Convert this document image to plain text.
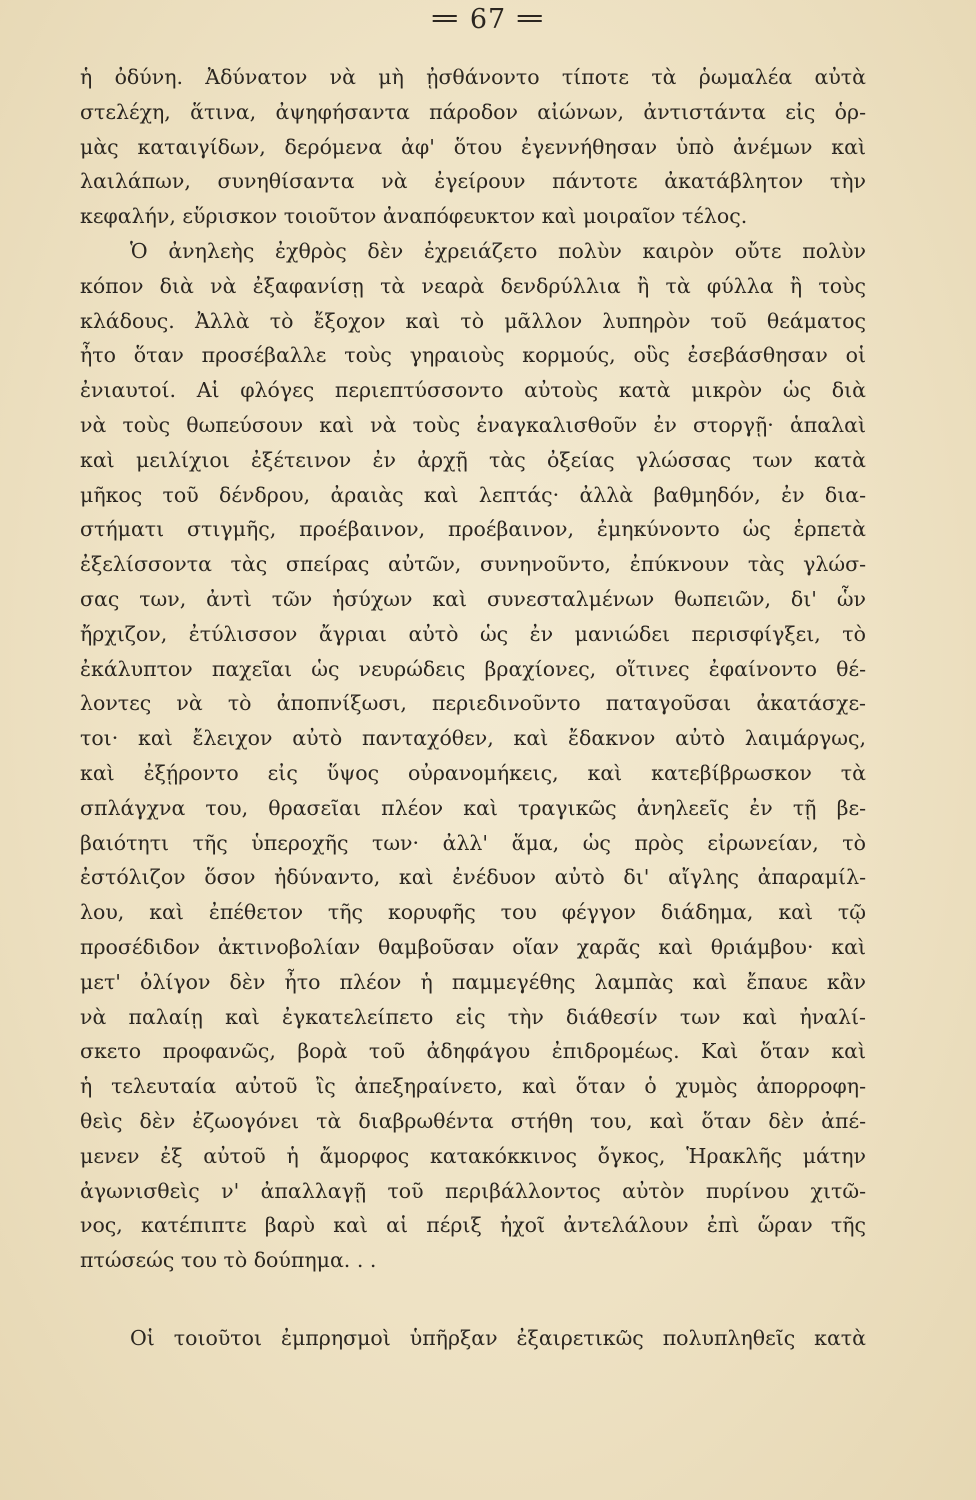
= 67 =
ἡ ὀδύνη. Ἀδύνατον νὰ μὴ ᾐσθάνοντο τίποτε τὰ ῥωμαλέα αὐτὰ
στελέχη, ἅτινα, ἀψηφήσαντα πάροδον αἰώνων, ἀντιστάντα εἰς ὁρ-
μὰς καταιγίδων, δερόμενα ἀφ' ὅτου ἐγεννήθησαν ὑπὸ ἀνέμων καὶ
λαιλάπων, συνηθίσαντα νὰ ἐγείρουν πάντοτε ἀκατάβλητον τὴν
κεφαλήν, εὕρισκον τοιοῦτον ἀναπόφευκτον καὶ μοιραῖον τέλος.
Ὁ ἀνηλεὴς ἐχθρὸς δὲν ἐχρειάζετο πολὺν καιρὸν οὔτε πολὺν
κόπον διὰ νὰ ἐξαφανίσῃ τὰ νεαρὰ δενδρύλλια ἢ τὰ φύλλα ἢ τοὺς
κλάδους. Ἀλλὰ τὸ ἔξοχον καὶ τὸ μᾶλλον λυπηρὸν τοῦ θεάματος
ἦτο ὅταν προσέβαλλε τοὺς γηραιοὺς κορμούς, οὓς ἐσεβάσθησαν οἱ
ἐνιαυτοί. Αἱ φλόγες περιεπτύσσοντο αὐτοὺς κατὰ μικρὸν ὡς διὰ
νὰ τοὺς θωπεύσουν καὶ νὰ τοὺς ἐναγκαλισθοῦν ἐν στοργῇ· ἁπαλαὶ
καὶ μειλίχιοι ἐξέτεινον ἐν ἀρχῇ τὰς ὀξείας γλώσσας των κατὰ
μῆκος τοῦ δένδρου, ἀραιὰς καὶ λεπτάς· ἀλλὰ βαθμηδόν, ἐν δια-
στήματι στιγμῆς, προέβαινον, προέβαινον, ἐμηκύνοντο ὡς ἑρπετὰ
ἐξελίσσοντα τὰς σπείρας αὐτῶν, συνηνοῦντο, ἐπύκνουν τὰς γλώσ-
σας των, ἀντὶ τῶν ἡσύχων καὶ συνεσταλμένων θωπειῶν, δι' ὧν
ἤρχιζον, ἐτύλισσον ἄγριαι αὐτὸ ὡς ἐν μανιώδει περισφίγξει, τὸ
ἐκάλυπτον παχεῖαι ὡς νευρώδεις βραχίονες, οἵτινες ἐφαίνοντο θέ-
λοντες νὰ τὸ ἀποπνίξωσι, περιεδινοῦντο παταγοῦσαι ἀκατάσχε-
τοι· καὶ ἔλειχον αὐτὸ πανταχόθεν, καὶ ἔδακνον αὐτὸ λαιμάργως,
καὶ ἐξῄροντο εἰς ὕψος οὐρανομήκεις, καὶ κατεβίβρωσκον τὰ
σπλάγχνα του, θρασεῖαι πλέον καὶ τραγικῶς ἀνηλεεῖς ἐν τῇ βε-
βαιότητι τῆς ὑπεροχῆς των· ἀλλ' ἅμα, ὡς πρὸς εἰρωνείαν, τὸ
ἐστόλιζον ὅσον ἠδύναντο, καὶ ἐνέδυον αὐτὸ δι' αἴγλης ἀπαραμίλ-
λου, καὶ ἐπέθετον τῆς κορυφῆς του φέγγον διάδημα, καὶ τῷ
προσέδιδον ἀκτινοβολίαν θαμβοῦσαν οἵαν χαρᾶς καὶ θριάμβου· καὶ
μετ' ὀλίγον δὲν ἦτο πλέον ἡ παμμεγέθης λαμπὰς καὶ ἔπαυε κἂν
νὰ παλαίῃ καὶ ἐγκατελείπετο εἰς τὴν διάθεσίν των καὶ ἠναλί-
σκετο προφανῶς, βορὰ τοῦ ἀδηφάγου ἐπιδρομέως. Καὶ ὅταν καὶ
ἡ τελευταία αὐτοῦ ἲς ἀπεξηραίνετο, καὶ ὅταν ὁ χυμὸς ἀπορροφη-
θεὶς δὲν ἐζωογόνει τὰ διαβρωθέντα στήθη του, καὶ ὅταν δὲν ἀπέ-
μενεν ἐξ αὐτοῦ ἡ ἄμορφος κατακόκκινος ὄγκος, Ἡρακλῆς μάτην
ἀγωνισθεὶς ν' ἀπαλλαγῇ τοῦ περιβάλλοντος αὐτὸν πυρίνου χιτῶ-
νος, κατέπιπτε βαρὺ καὶ αἱ πέριξ ἠχοῖ ἀντελάλουν ἐπὶ ὥραν τῆς
πτώσεώς του τὸ δούπημα. . .
Οἱ τοιοῦτοι ἐμπρησμοὶ ὑπῆρξαν ἐξαιρετικῶς πολυπληθεῖς κατὰ
